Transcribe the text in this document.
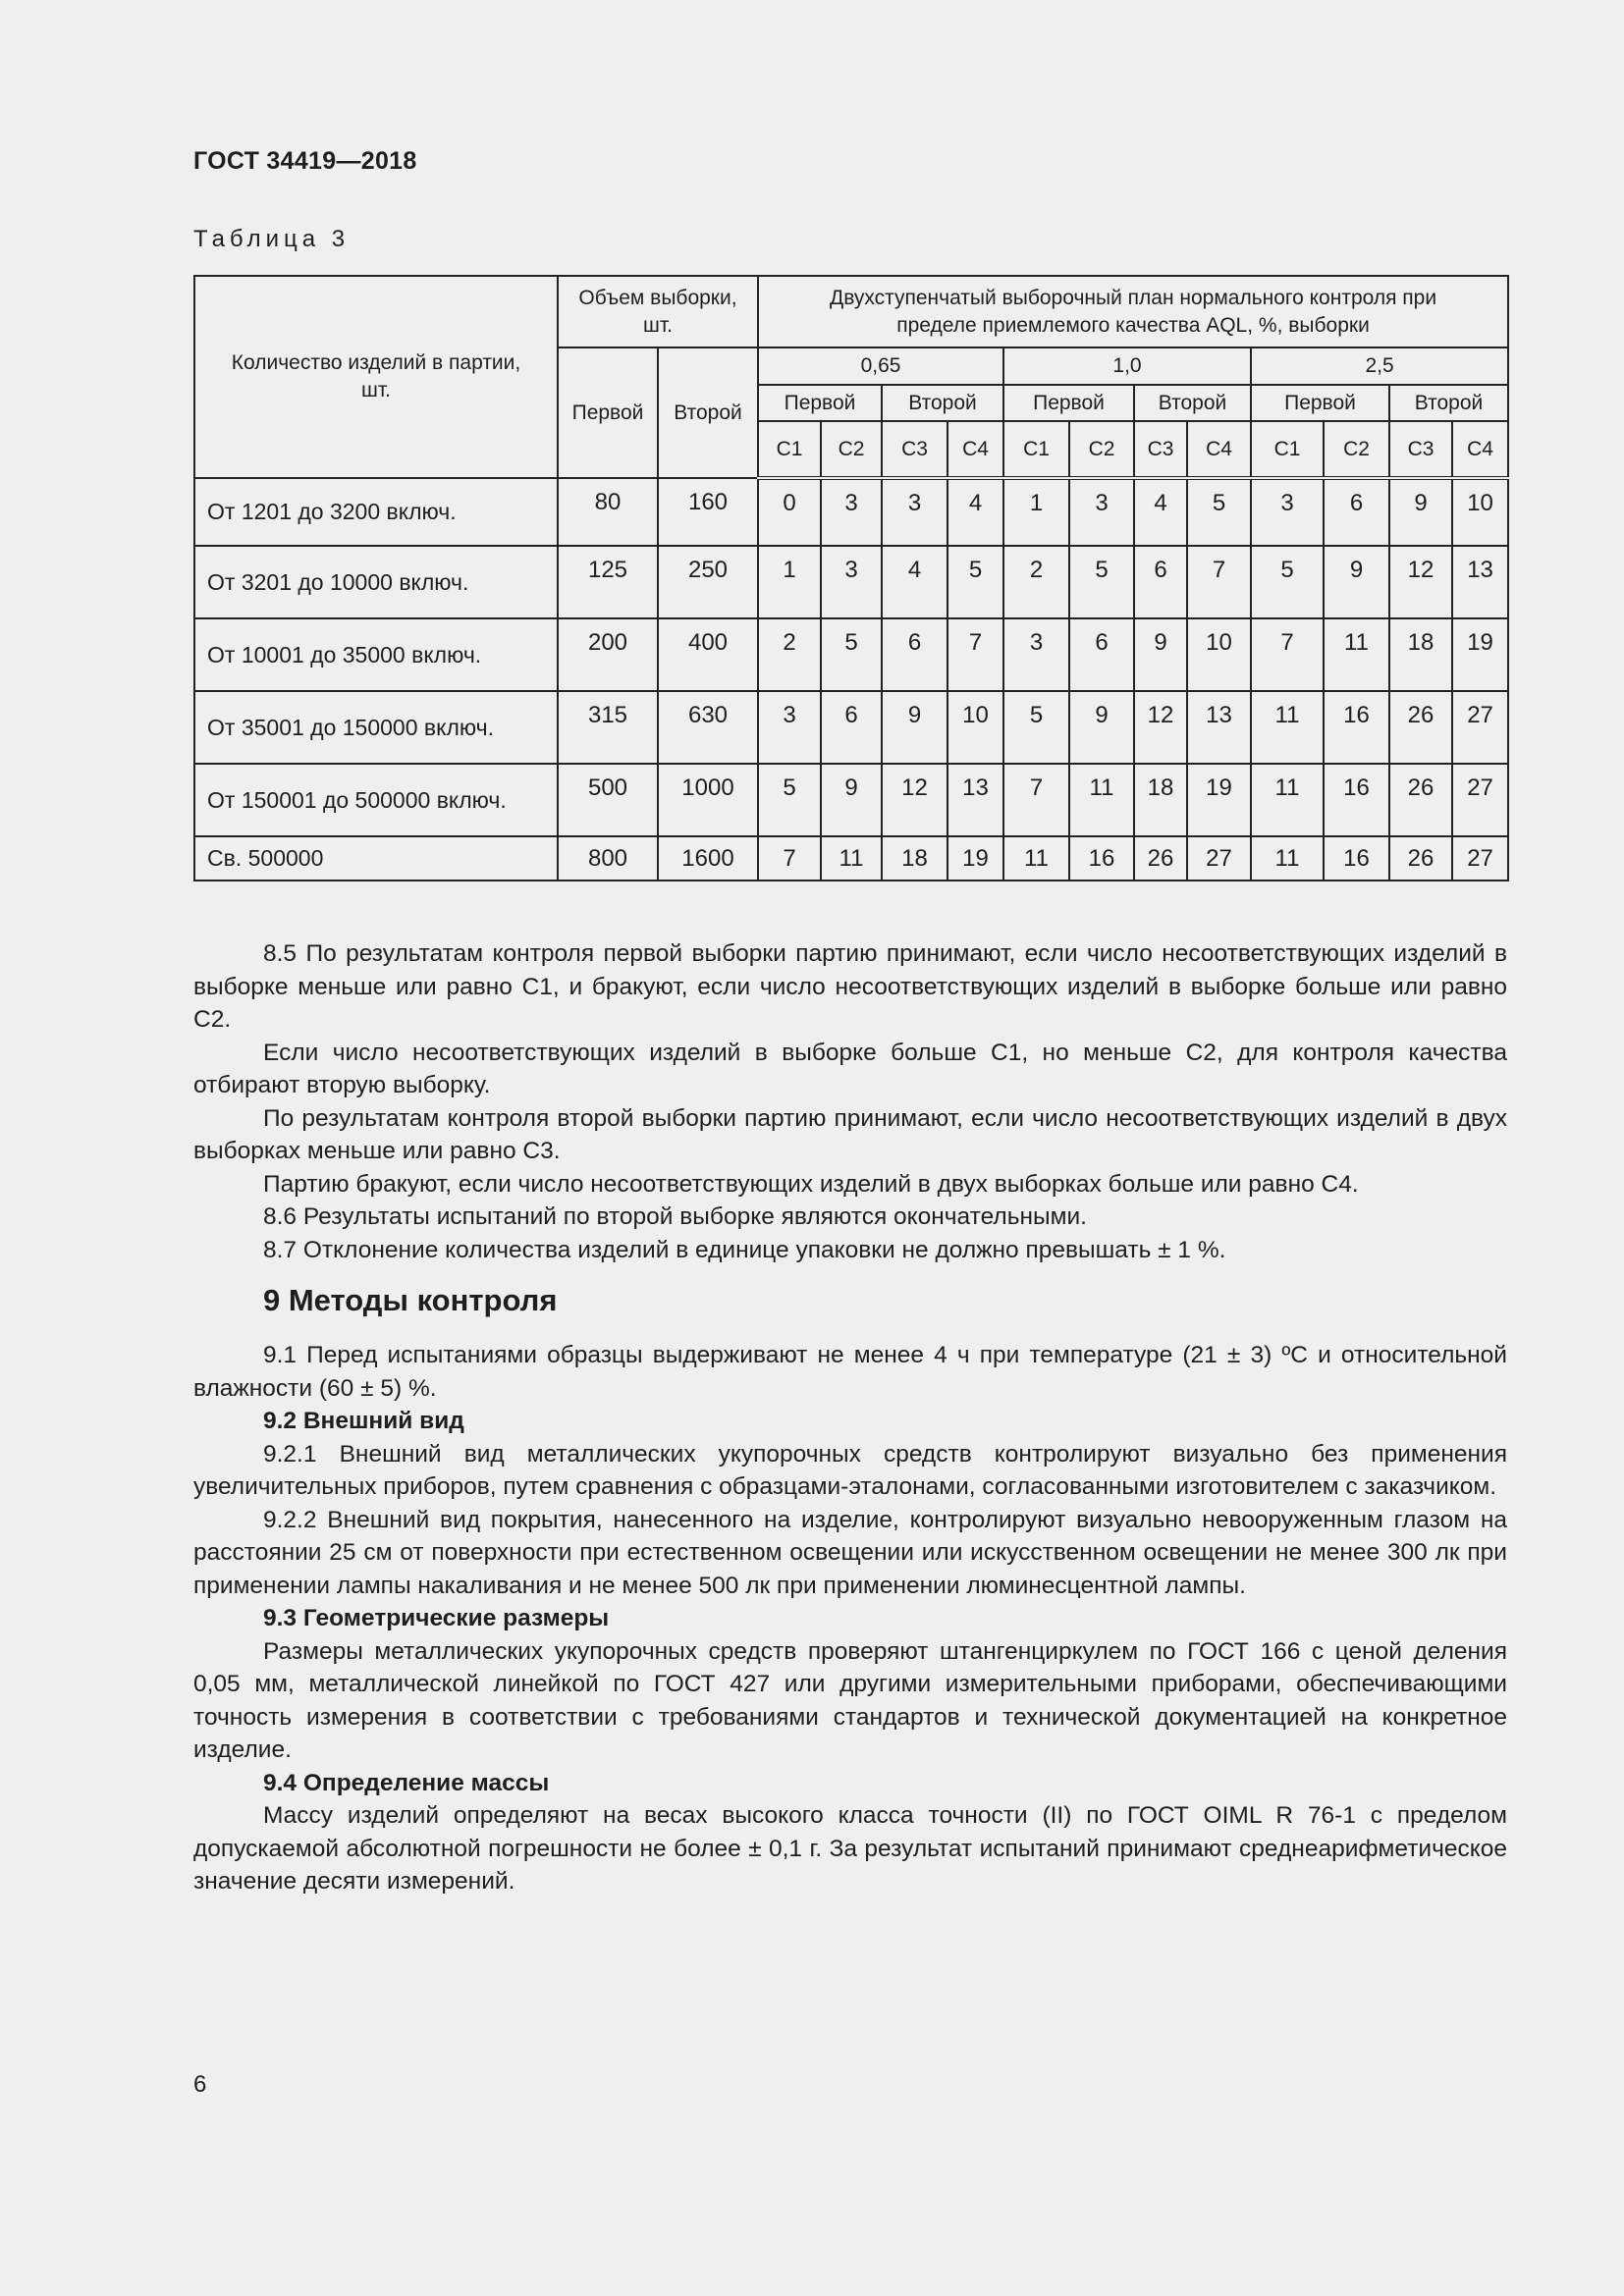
ГОСТ 34419—2018
Таблица 3
Количество изделий в партии, шт.	Объем выборки, шт.		Двухступенчатый выборочный план нормального контроля при пределе приемлемого качества AQL, %, выборки											
	Первой	Второй	0,65				1,0				2,5			
			Первой		Второй		Первой		Второй		Первой		Второй	
			С1	С2	С3	С4	С1	С2	С3	С4	С1	С2	С3	С4
От 1201 до 3200 включ.	80	160	0	3	3	4	1	3	4	5	3	6	9	10
От 3201 до 10000 включ.	125	250	1	3	4	5	2	5	6	7	5	9	12	13
От 10001 до 35000 включ.	200	400	2	5	6	7	3	6	9	10	7	11	18	19
От 35001 до 150000 включ.	315	630	3	6	9	10	5	9	12	13	11	16	26	27
От 150001 до 500000 включ.	500	1000	5	9	12	13	7	11	18	19	11	16	26	27
Св. 500000	800	1600	7	11	18	19	11	16	26	27	11	16	26	27

8.5 По результатам контроля первой выборки партию принимают, если число несоответствующих изделий в выборке меньше или равно С1, и бракуют, если число несоответствующих изделий в выборке больше или равно С2.

Если число несоответствующих изделий в выборке больше С1, но меньше С2, для контроля качества отбирают вторую выборку.

По результатам контроля второй выборки партию принимают, если число несоответствующих изделий в двух выборках меньше или равно С3.

Партию бракуют, если число несоответствующих изделий в двух выборках больше или равно С4.

8.6 Результаты испытаний по второй выборке являются окончательными.

8.7 Отклонение количества изделий в единице упаковки не должно превышать ± 1 %.

9 Методы контроля

9.1 Перед испытаниями образцы выдерживают не менее 4 ч при температуре (21 ± 3) ºС и относительной влажности (60 ± 5) %.

9.2 Внешний вид

9.2.1 Внешний вид металлических укупорочных средств контролируют визуально без применения увеличительных приборов, путем сравнения с образцами-эталонами, согласованными изготовителем с заказчиком.

9.2.2 Внешний вид покрытия, нанесенного на изделие, контролируют визуально невооруженным глазом на расстоянии 25 см от поверхности при естественном освещении или искусственном освещении не менее 300 лк при применении лампы накаливания и не менее 500 лк при применении люминесцентной лампы.

9.3 Геометрические размеры

Размеры металлических укупорочных средств проверяют штангенциркулем по ГОСТ 166 с ценой деления 0,05 мм, металлической линейкой по ГОСТ 427 или другими измерительными приборами, обеспечивающими точность измерения в соответствии с требованиями стандартов и технической документацией на конкретное изделие.

9.4 Определение массы

Массу изделий определяют на весах высокого класса точности (II) по ГОСТ OIML R 76-1 с пределом допускаемой абсолютной погрешности не более ± 0,1 г. За результат испытаний принимают среднеарифметическое значение десяти измерений.

6
